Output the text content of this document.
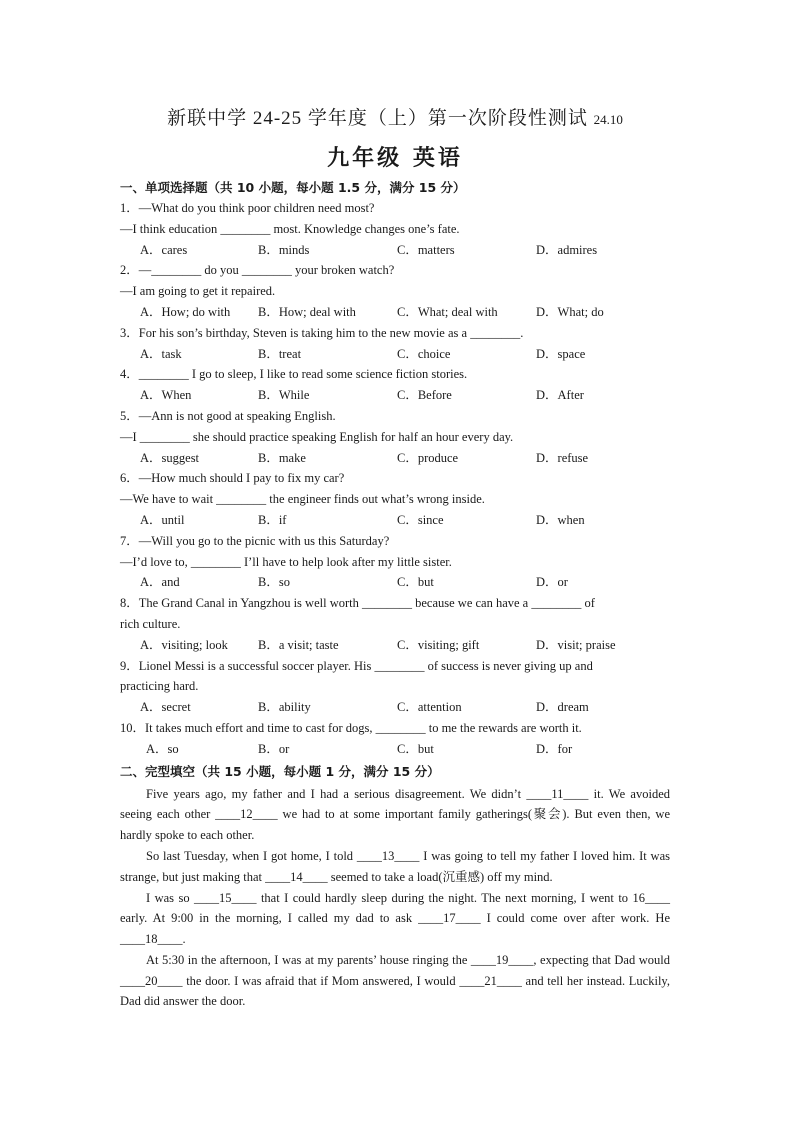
新联中学 24-25 学年度（上）第一次阶段性测试 24.10
九年级 英语
一、单项选择题（共 10 小题，每小题 1.5 分，满分 15 分）
1．—What do you think poor children need most?
—I think education ________ most. Knowledge changes one’s fate.
A．cares	B．minds	C．matters	D．admires
2．—________ do you ________ your broken watch?
—I am going to get it repaired.
A．How; do with	B．How; deal with	C．What; deal with	D．What; do
3．For his son’s birthday, Steven is taking him to the new movie as a ________.
A．task	B．treat	C．choice	D．space
4．________ I go to sleep, I like to read some science fiction stories.
A．When	B．While	C．Before	D．After
5．—Ann is not good at speaking English.
—I ________ she should practice speaking English for half an hour every day.
A．suggest	B．make	C．produce	D．refuse
6．—How much should I pay to fix my car?
—We have to wait ________ the engineer finds out what’s wrong inside.
A．until	B．if	C．since	D．when
7．—Will you go to the picnic with us this Saturday?
—I’d love to, ________ I’ll have to help look after my little sister.
A．and	B．so	C．but	D．or
8．The Grand Canal in Yangzhou is well worth ________ because we can have a ________ of
rich culture.
A．visiting; look	B．a visit; taste	C．visiting; gift	D．visit; praise
9．Lionel Messi is a successful soccer player. His ________ of success is never giving up and
practicing hard.
A．secret	B．ability	C．attention	D．dream
10．It takes much effort and time to cast for dogs, ________ to me the rewards are worth it.
A．so	B．or	C．but	D．for
二、完型填空（共 15 小题，每小题 1 分，满分 15 分）

Five years ago, my father and I had a serious disagreement. We didn’t ____11____ it. We avoided seeing each other ____12____ we had to at some important family gatherings(聚会). But even then, we hardly spoke to each other.

So last Tuesday, when I got home, I told ____13____ I was going to tell my father I loved him. It was strange, but just making that ____14____ seemed to take a load(沉重感) off my mind.

I was so ____15____ that I could hardly sleep during the night. The next morning, I went to 16____ early. At 9:00 in the morning, I called my dad to ask ____17____ I could come over after work. He ____18____.

At 5:30 in the afternoon, I was at my parents’ house ringing the ____19____, expecting that Dad would ____20____ the door. I was afraid that if Mom answered, I would ____21____ and tell her instead. Luckily, Dad did answer the door.
